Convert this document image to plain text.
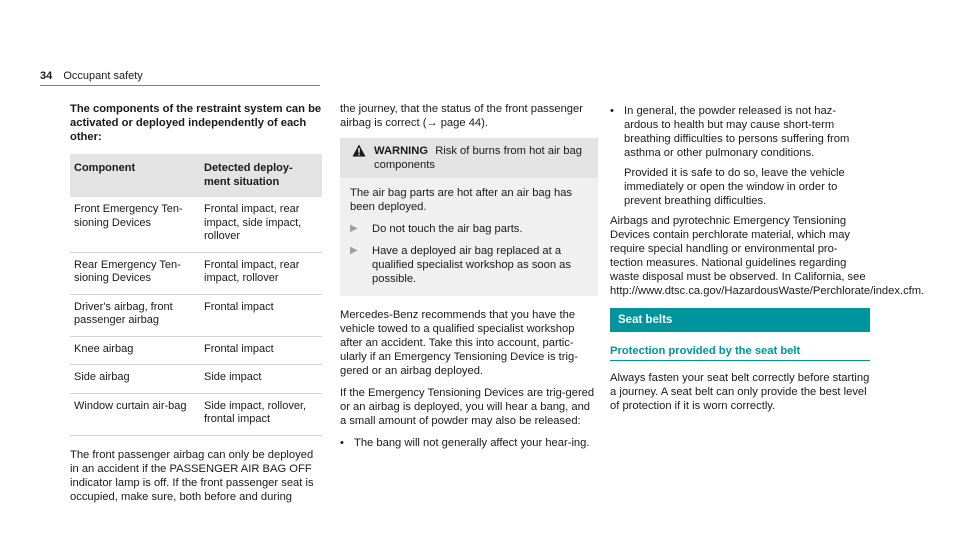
34 Occupant safety

The components of the restraint system can be activated or deployed independently of each other:

Component	Detected deploy-ment situation
Front Emergency Ten-sioning Devices	Frontal impact, rear impact, side impact, rollover
Rear Emergency Ten-sioning Devices	Frontal impact, rear impact, rollover
Driver's airbag, front passenger airbag	Frontal impact
Knee airbag	Frontal impact
Side airbag	Side impact
Window curtain air-bag	Side impact, rollover, frontal impact

The front passenger airbag can only be deployed in an accident if the PASSENGER AIR BAG OFF indicator lamp is off. If the front passenger seat is occupied, make sure, both before and during

the journey, that the status of the front passenger airbag is correct (→ page 44).

WARNING Risk of burns from hot air bag components
The air bag parts are hot after an air bag has been deployed.
▶	Do not touch the air bag parts.
▶	Have a deployed air bag replaced at a qualified specialist workshop as soon as possible.

Mercedes-Benz recommends that you have the vehicle towed to a qualified specialist workshop after an accident. Take this into account, partic-ularly if an Emergency Tensioning Device is trig-gered or an airbag deployed.

If the Emergency Tensioning Devices are trig-gered or an airbag is deployed, you will hear a bang, and a small amount of powder may also be released:

• The bang will not generally affect your hear-ing.
• In general, the powder released is not haz-ardous to health but may cause short-term breathing difficulties to persons suffering from asthma or other pulmonary conditions.

Provided it is safe to do so, leave the vehicle immediately or open the window in order to prevent breathing difficulties.

Airbags and pyrotechnic Emergency Tensioning Devices contain perchlorate material, which may require special handling or environmental pro-tection measures. National guidelines regarding waste disposal must be observed. In California, see http://www.dtsc.ca.gov/HazardousWaste/Perchlorate/index.cfm.

Seat belts
Protection provided by the seat belt

Always fasten your seat belt correctly before starting a journey. A seat belt can only provide the best level of protection if it is worn correctly.
